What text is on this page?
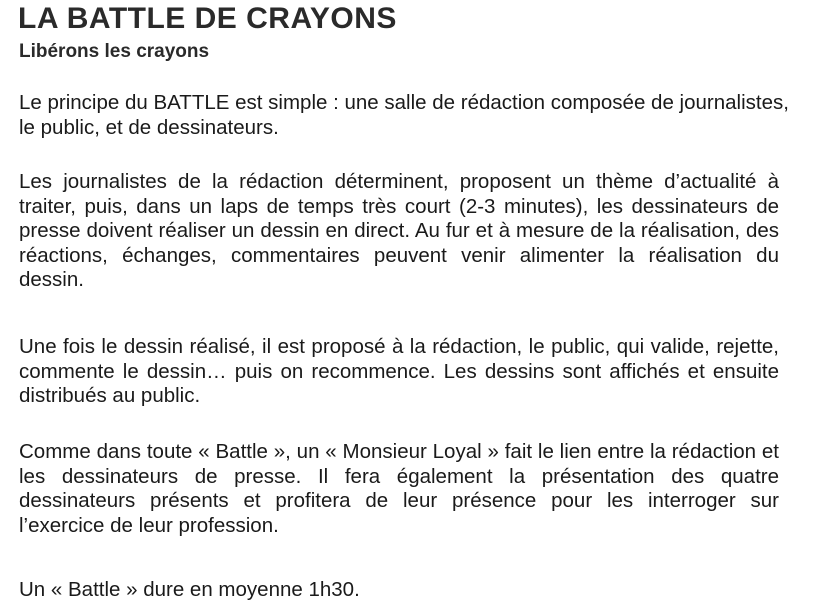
LA BATTLE DE CRAYONS
Libérons les crayons

Le principe du BATTLE est simple : une salle de rédaction composée de journalistes, le public, et de dessinateurs.

Les journalistes de la rédaction déterminent, proposent un thème d’actualité à traiter, puis, dans un laps de temps très court (2-3 minutes), les dessinateurs de presse doivent réaliser un dessin en direct. Au fur et à mesure de la réalisation, des réactions, échanges, commentaires peuvent venir alimenter la réalisation du dessin.

Une fois le dessin réalisé, il est proposé à la rédaction, le public, qui valide, rejette, commente le dessin… puis on recommence. Les dessins sont affichés et ensuite distribués au public.

Comme dans toute « Battle », un « Monsieur Loyal » fait le lien entre la rédaction et les dessinateurs de presse. Il fera également la présentation des quatre dessinateurs présents et profitera de leur présence pour les interroger sur l’exercice de leur profession.

Un « Battle » dure en moyenne 1h30.
